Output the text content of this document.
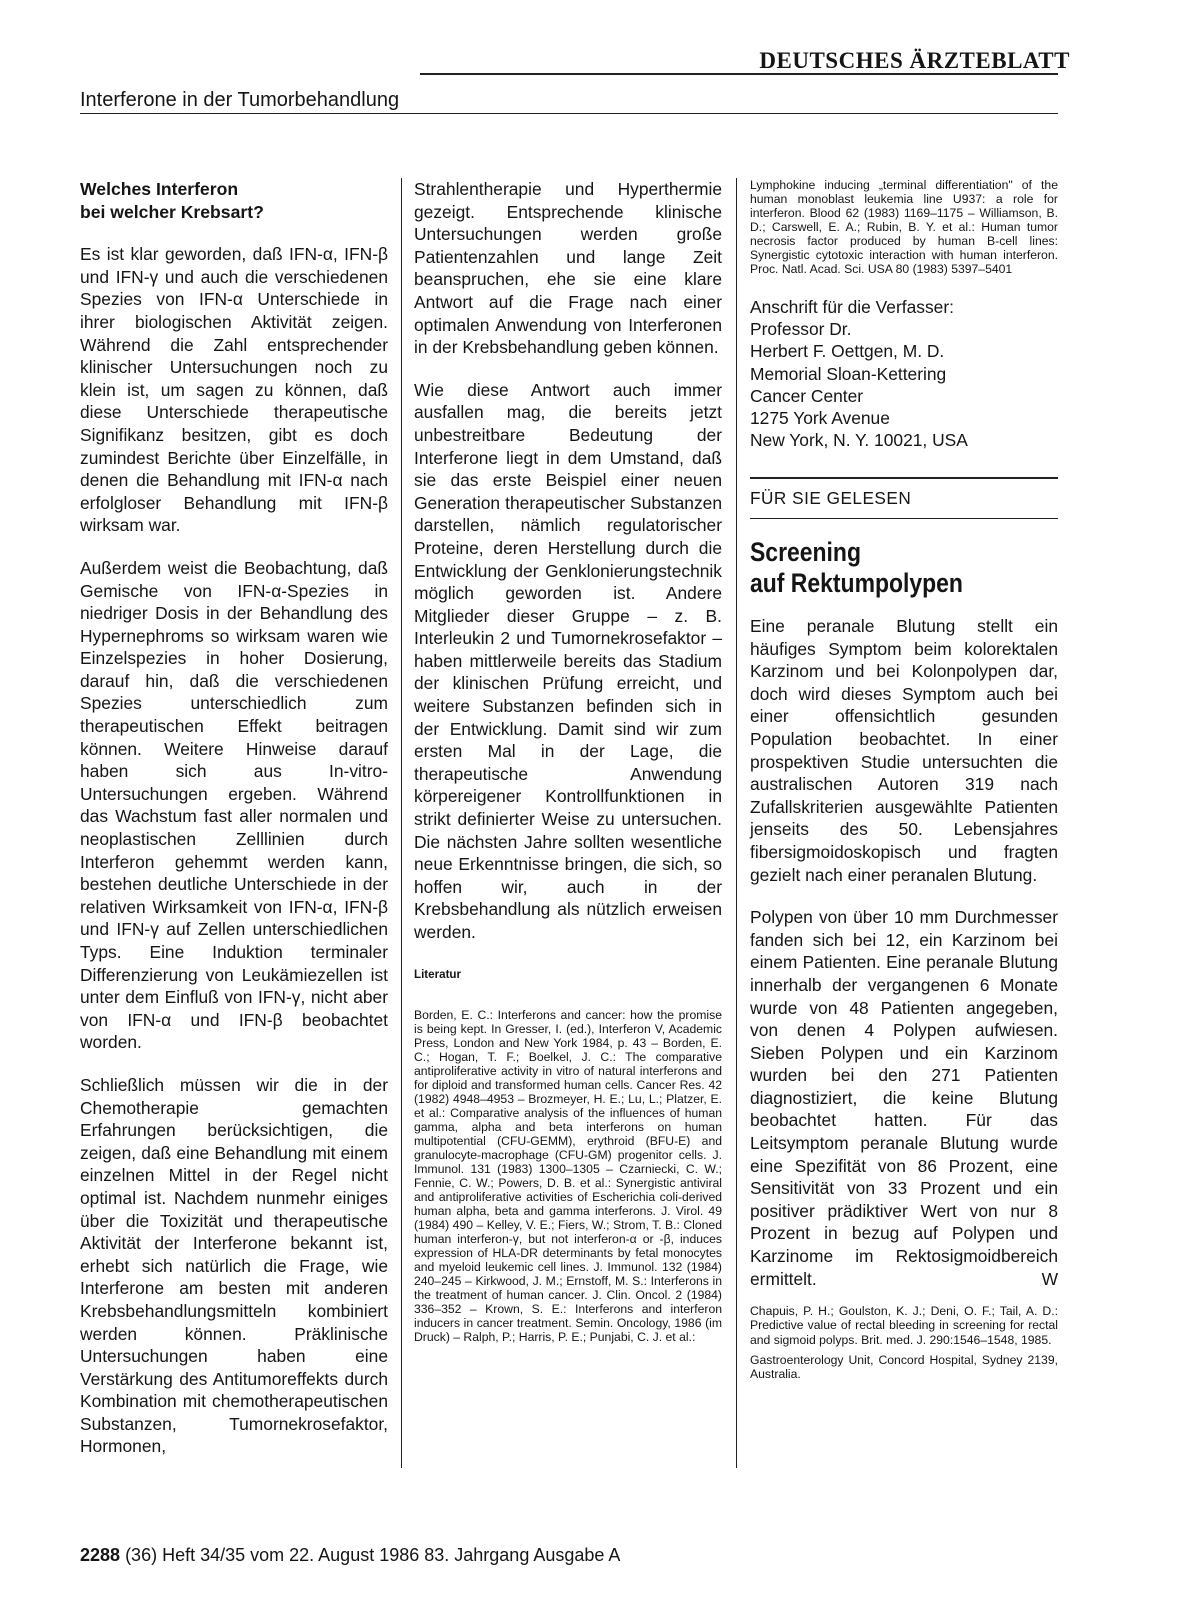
DEUTSCHES ÄRZTEBLATT
Interferone in der Tumorbehandlung
Welches Interferon
bei welcher Krebsart?

Es ist klar geworden, daß IFN-α, IFN-β und IFN-γ und auch die verschiedenen Spezies von IFN-α Unterschiede in ihrer biologischen Aktivität zeigen. Während die Zahl entsprechender klinischer Untersuchungen noch zu klein ist, um sagen zu können, daß diese Unterschiede therapeutische Signifikanz besitzen, gibt es doch zumindest Berichte über Einzelfälle, in denen die Behandlung mit IFN-α nach erfolgloser Behandlung mit IFN-β wirksam war.

Außerdem weist die Beobachtung, daß Gemische von IFN-α-Spezies in niedriger Dosis in der Behandlung des Hypernephroms so wirksam waren wie Einzelspezies in hoher Dosierung, darauf hin, daß die verschiedenen Spezies unterschiedlich zum therapeutischen Effekt beitragen können. Weitere Hinweise darauf haben sich aus In-vitro-Untersuchungen ergeben. Während das Wachstum fast aller normalen und neoplastischen Zelllinien durch Interferon gehemmt werden kann, bestehen deutliche Unterschiede in der relativen Wirksamkeit von IFN-α, IFN-β und IFN-γ auf Zellen unterschiedlichen Typs. Eine Induktion terminaler Differenzierung von Leukämiezellen ist unter dem Einfluß von IFN-γ, nicht aber von IFN-α und IFN-β beobachtet worden.

Schließlich müssen wir die in der Chemotherapie gemachten Erfahrungen berücksichtigen, die zeigen, daß eine Behandlung mit einem einzelnen Mittel in der Regel nicht optimal ist. Nachdem nunmehr einiges über die Toxizität und therapeutische Aktivität der Interferone bekannt ist, erhebt sich natürlich die Frage, wie Interferone am besten mit anderen Krebsbehandlungsmitteln kombiniert werden können. Präklinische Untersuchungen haben eine Verstärkung des Antitumoreffekts durch Kombination mit chemotherapeutischen Substanzen, Tumornekrosefaktor, Hormonen,

Strahlentherapie und Hyperthermie gezeigt. Entsprechende klinische Untersuchungen werden große Patientenzahlen und lange Zeit beanspruchen, ehe sie eine klare Antwort auf die Frage nach einer optimalen Anwendung von Interferonen in der Krebsbehandlung geben können.

Wie diese Antwort auch immer ausfallen mag, die bereits jetzt unbestreitbare Bedeutung der Interferone liegt in dem Umstand, daß sie das erste Beispiel einer neuen Generation therapeutischer Substanzen darstellen, nämlich regulatorischer Proteine, deren Herstellung durch die Entwicklung der Genklonierungstechnik möglich geworden ist. Andere Mitglieder dieser Gruppe – z. B. Interleukin 2 und Tumornekrosefaktor – haben mittlerweile bereits das Stadium der klinischen Prüfung erreicht, und weitere Substanzen befinden sich in der Entwicklung. Damit sind wir zum ersten Mal in der Lage, die therapeutische Anwendung körpereigener Kontrollfunktionen in strikt definierter Weise zu untersuchen. Die nächsten Jahre sollten wesentliche neue Erkenntnisse bringen, die sich, so hoffen wir, auch in der Krebsbehandlung als nützlich erweisen werden.

Literatur
Borden, E. C.: Interferons and cancer: how the promise is being kept. In Gresser, I. (ed.), Interferon V, Academic Press, London and New York 1984, p. 43 – Borden, E. C.; Hogan, T. F.; Boelkel, J. C.: The comparative antiproliferative activity in vitro of natural interferons and for diploid and transformed human cells. Cancer Res. 42 (1982) 4948–4953 – Brozmeyer, H. E.; Lu, L.; Platzer, E. et al.: Comparative analysis of the influences of human gamma, alpha and beta interferons on human multipotential (CFU-GEMM), erythroid (BFU-E) and granulocyte-macrophage (CFU-GM) progenitor cells. J. Immunol. 131 (1983) 1300–1305 – Czarniecki, C. W.; Fennie, C. W.; Powers, D. B. et al.: Synergistic antiviral and antiproliferative activities of Escherichia coli-derived human alpha, beta and gamma interferons. J. Virol. 49 (1984) 490 – Kelley, V. E.; Fiers, W.; Strom, T. B.: Cloned human interferon-γ, but not interferon-α or -β, induces expression of HLA-DR determinants by fetal monocytes and myeloid leukemic cell lines. J. Immunol. 132 (1984) 240–245 – Kirkwood, J. M.; Ernstoff, M. S.: Interferons in the treatment of human cancer. J. Clin. Oncol. 2 (1984) 336–352 – Krown, S. E.: Interferons and interferon inducers in cancer treatment. Semin. Oncology, 1986 (im Druck) – Ralph, P.; Harris, P. E.; Punjabi, C. J. et al.:
Lymphokine inducing „terminal differentiation" of the human monoblast leukemia line U937: a role for interferon. Blood 62 (1983) 1169–1175 – Williamson, B. D.; Carswell, E. A.; Rubin, B. Y. et al.: Human tumor necrosis factor produced by human B-cell lines: Synergistic cytotoxic interaction with human interferon. Proc. Natl. Acad. Sci. USA 80 (1983) 5397–5401

Anschrift für die Verfasser:

Professor Dr.

Herbert F. Oettgen, M. D.

Memorial Sloan-Kettering

Cancer Center

1275 York Avenue

New York, N. Y. 10021, USA

FÜR SIE GELESEN
Screening
auf Rektumpolypen

Eine peranale Blutung stellt ein häufiges Symptom beim kolorektalen Karzinom und bei Kolonpolypen dar, doch wird dieses Symptom auch bei einer offensichtlich gesunden Population beobachtet. In einer prospektiven Studie untersuchten die australischen Autoren 319 nach Zufallskriterien ausgewählte Patienten jenseits des 50. Lebensjahres fibersigmoidoskopisch und fragten gezielt nach einer peranalen Blutung.

Polypen von über 10 mm Durchmesser fanden sich bei 12, ein Karzinom bei einem Patienten. Eine peranale Blutung innerhalb der vergangenen 6 Monate wurde von 48 Patienten angegeben, von denen 4 Polypen aufwiesen. Sieben Polypen und ein Karzinom wurden bei den 271 Patienten diagnostiziert, die keine Blutung beobachtet hatten. Für das Leitsymptom peranale Blutung wurde eine Spezifität von 86 Prozent, eine Sensitivität von 33 Prozent und ein positiver prädiktiver Wert von nur 8 Prozent in bezug auf Polypen und Karzinome im Rektosigmoidbereich ermittelt.	W

Chapuis, P. H.; Goulston, K. J.; Deni, O. F.; Tail, A. D.: Predictive value of rectal bleeding in screening for rectal and sigmoid polyps. Brit. med. J. 290:1546–1548, 1985.
Gastroenterology Unit, Concord Hospital, Sydney 2139, Australia.
2288 (36) Heft 34/35 vom 22. August 1986 83. Jahrgang Ausgabe A
